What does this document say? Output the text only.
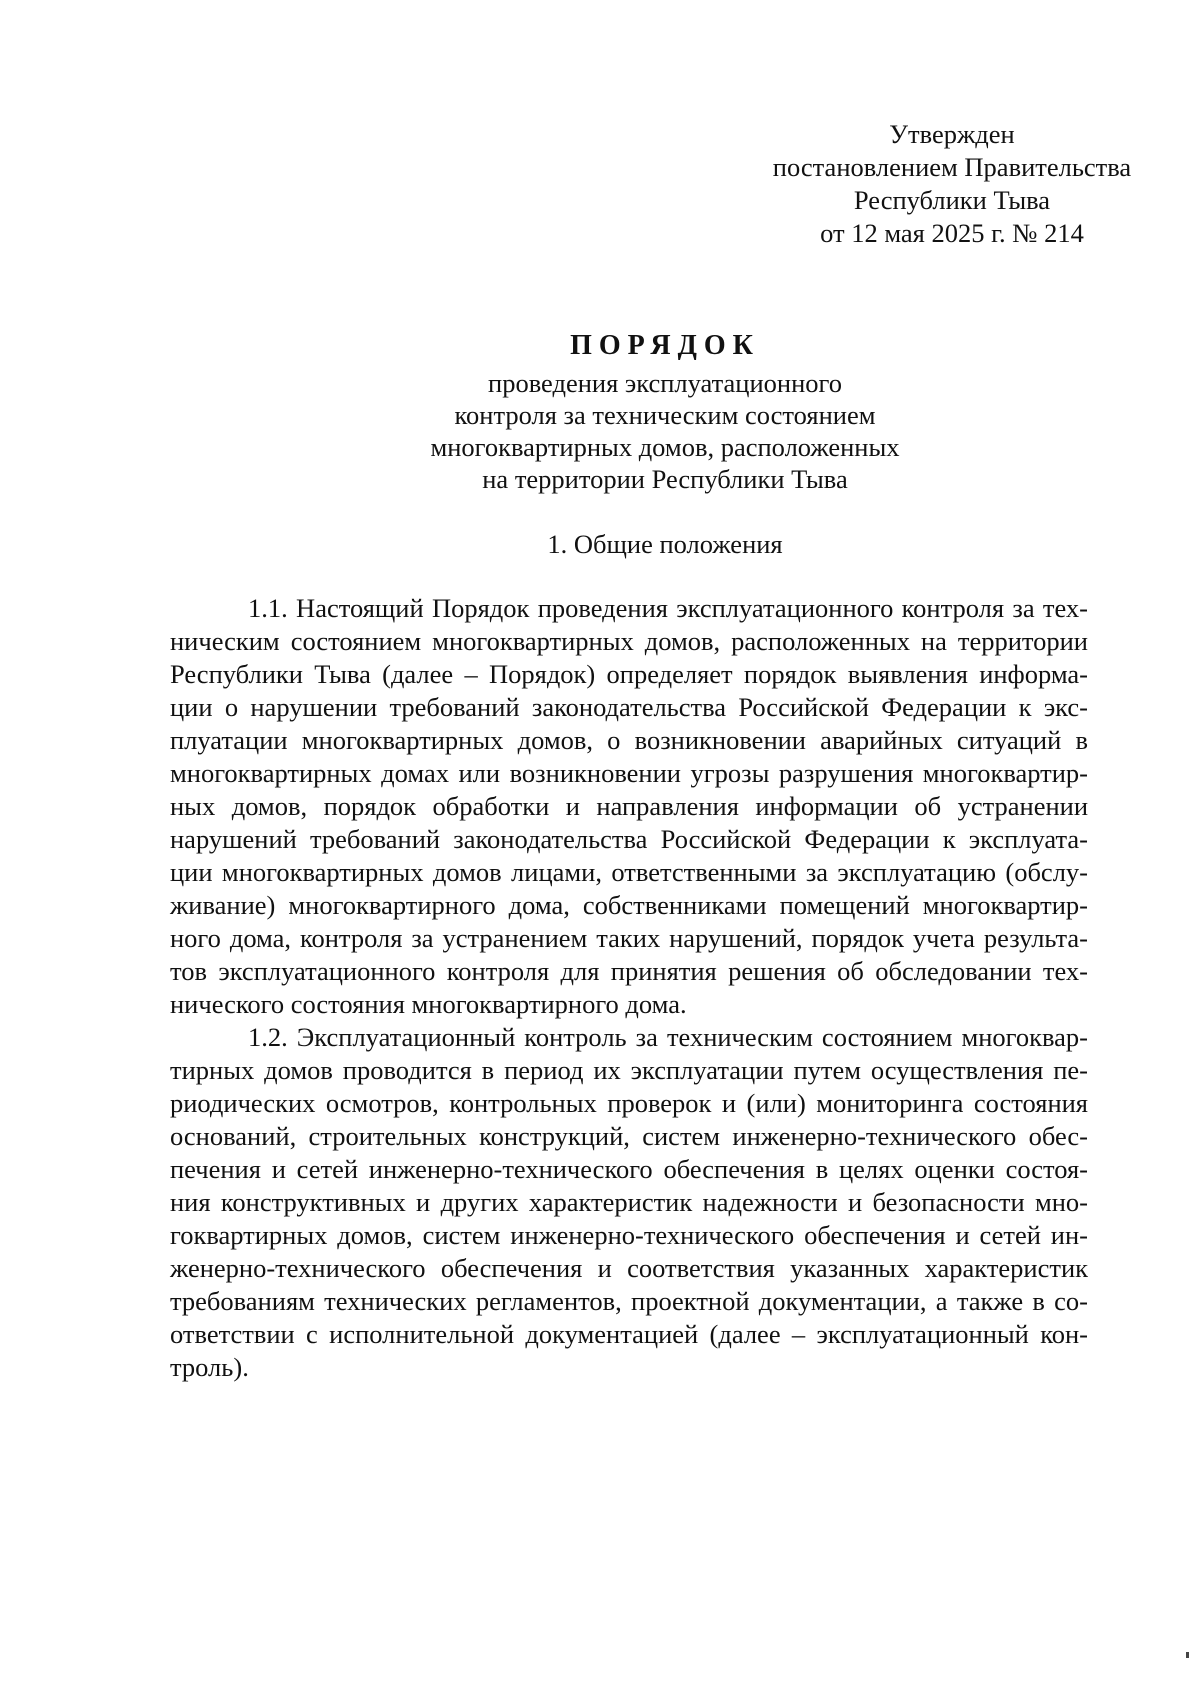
Утвержден
постановлением Правительства
Республики Тыва
от 12 мая 2025 г. № 214
ПОРЯДОК
проведения эксплуатационного
контроля за техническим состоянием
многоквартирных домов, расположенных
на территории Республики Тыва
1. Общие положения
1.1. Настоящий Порядок проведения эксплуатационного контроля за тех-
ническим состоянием многоквартирных домов, расположенных на территории
Республики Тыва (далее – Порядок) определяет порядок выявления информа-
ции о нарушении требований законодательства Российской Федерации к экс-
плуатации многоквартирных домов, о возникновении аварийных ситуаций в
многоквартирных домах или возникновении угрозы разрушения многоквартир-
ных домов, порядок обработки и направления информации об устранении
нарушений требований законодательства Российской Федерации к эксплуата-
ции многоквартирных домов лицами, ответственными за эксплуатацию (обслу-
живание) многоквартирного дома, собственниками помещений многоквартир-
ного дома, контроля за устранением таких нарушений, порядок учета результа-
тов эксплуатационного контроля для принятия решения об обследовании тех-
нического состояния многоквартирного дома.
1.2. Эксплуатационный контроль за техническим состоянием многоквар-
тирных домов проводится в период их эксплуатации путем осуществления пе-
риодических осмотров, контрольных проверок и (или) мониторинга состояния
оснований, строительных конструкций, систем инженерно-технического обес-
печения и сетей инженерно-технического обеспечения в целях оценки состоя-
ния конструктивных и других характеристик надежности и безопасности мно-
гоквартирных домов, систем инженерно-технического обеспечения и сетей ин-
женерно-технического обеспечения и соответствия указанных характеристик
требованиям технических регламентов, проектной документации, а также в со-
ответствии с исполнительной документацией (далее – эксплуатационный кон-
троль).
